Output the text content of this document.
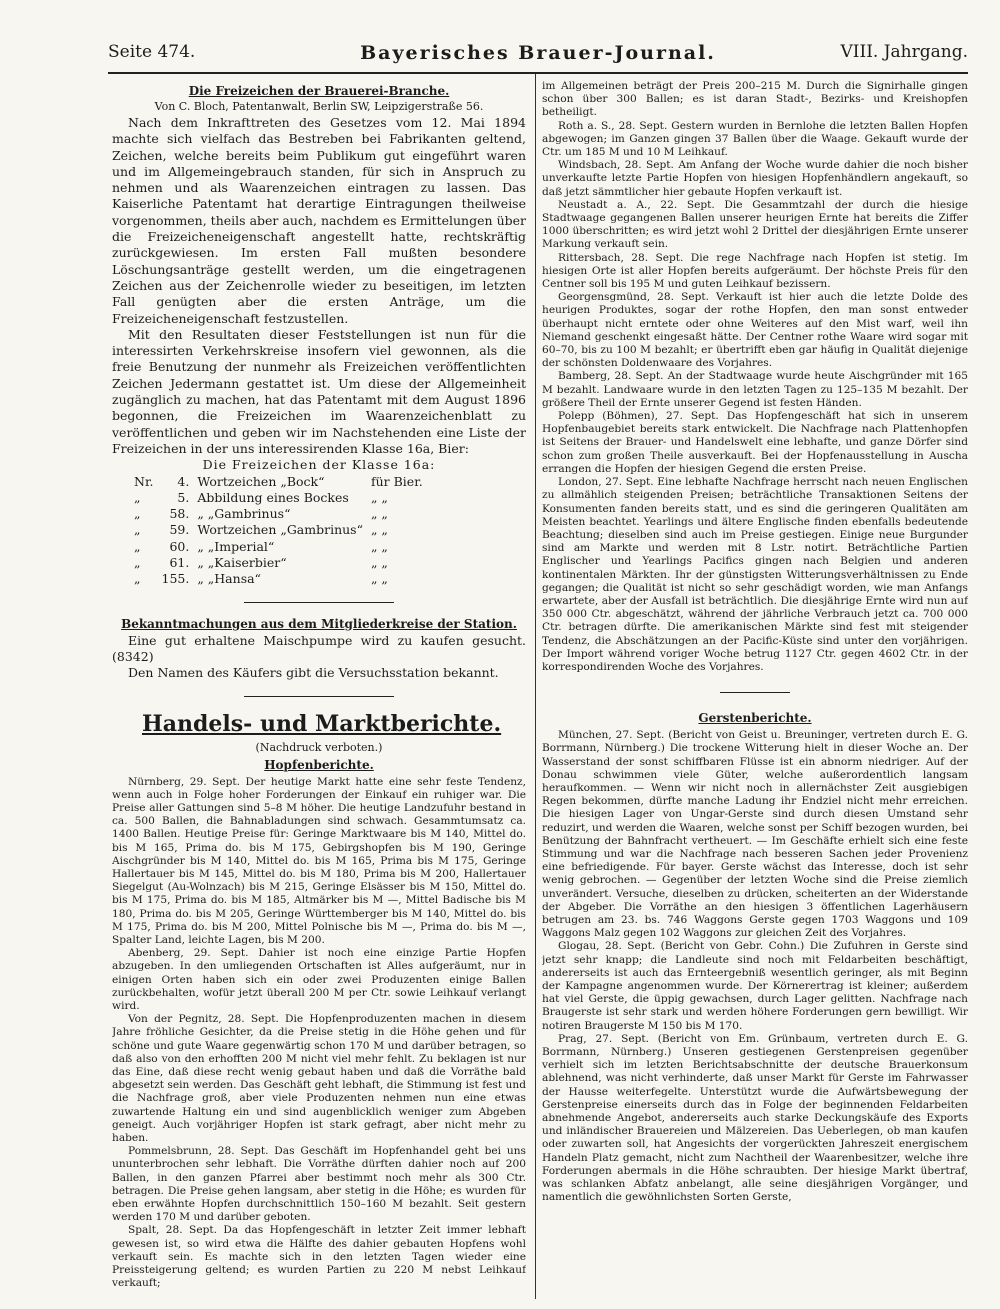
Seite 474.	Bayerisches Brauer-Journal.	VIII. Jahrgang.
Die Freizeichen der Brauerei-Branche.
Von C. Bloch, Patentanwalt, Berlin SW, Leipzigerstraße 56.

Nach dem Inkrafttreten des Gesetzes vom 12. Mai 1894 machte sich vielfach das Bestreben bei Fabrikanten geltend, Zeichen, welche bereits beim Publikum gut eingeführt waren und im Allgemeingebrauch standen, für sich in Anspruch zu nehmen und als Waarenzeichen eintragen zu lassen. Das Kaiserliche Patentamt hat derartige Eintragungen theilweise vorgenommen, theils aber auch, nachdem es Ermittelungen über die Freizeicheneigenschaft angestellt hatte, rechtskräftig zurückgewiesen. Im ersten Fall mußten besondere Löschungsanträge gestellt werden, um die eingetragenen Zeichen aus der Zeichenrolle wieder zu beseitigen, im letzten Fall genügten aber die ersten Anträge, um die Freizeicheneigenschaft festzustellen.

Mit den Resultaten dieser Feststellungen ist nun für die interessirten Verkehrskreise insofern viel gewonnen, als die freie Benutzung der nunmehr als Freizeichen veröffentlichten Zeichen Jedermann gestattet ist. Um diese der Allgemeinheit zugänglich zu machen, hat das Patentamt mit dem August 1896 begonnen, die Freizeichen im Waarenzeichenblatt zu veröffentlichen und geben wir im Nachstehenden eine Liste der Freizeichen in der uns interessirenden Klasse 16a, Bier:

Die Freizeichen der Klasse 16a:

Nr.	4.	Wortzeichen „Bock“	für Bier.
„	5.	Abbildung eines Bockes	„ „
„	58.	„ „Gambrinus“	„ „
„	59.	Wortzeichen „Gambrinus“	„ „
„	60.	„ „Imperial“	„ „
„	61.	„ „Kaiserbier“	„ „
„	155.	„ „Hansa“	„ „
Bekanntmachungen aus dem Mitgliederkreise der Station.

Eine gut erhaltene Maischpumpe wird zu kaufen gesucht. (8342)

Den Namen des Käufers gibt die Versuchsstation bekannt.

Handels- und Marktberichte.
(Nachdruck verboten.)
Hopfenberichte.

Nürnberg, 29. Sept. Der heutige Markt hatte eine sehr feste Tendenz, wenn auch in Folge hoher Forderungen der Einkauf ein ruhiger war. Die Preise aller Gattungen sind 5–8 M höher. Die heutige Landzufuhr bestand in ca. 500 Ballen, die Bahnabladungen sind schwach. Gesammtumsatz ca. 1400 Ballen. Heutige Preise für: Geringe Marktwaare bis M 140, Mittel do. bis M 165, Prima do. bis M 175, Gebirgshopfen bis M 190, Geringe Aischgründer bis M 140, Mittel do. bis M 165, Prima bis M 175, Geringe Hallertauer bis M 145, Mittel do. bis M 180, Prima bis M 200, Hallertauer Siegelgut (Au-Wolnzach) bis M 215, Geringe Elsässer bis M 150, Mittel do. bis M 175, Prima do. bis M 185, Altmärker bis M —, Mittel Badische bis M 180, Prima do. bis M 205, Geringe Württemberger bis M 140, Mittel do. bis M 175, Prima do. bis M 200, Mittel Polnische bis M —, Prima do. bis M —, Spalter Land, leichte Lagen, bis M 200.

Abenberg, 29. Sept. Dahier ist noch eine einzige Partie Hopfen abzugeben. In den umliegenden Ortschaften ist Alles aufgeräumt, nur in einigen Orten haben sich ein oder zwei Produzenten einige Ballen zurückbehalten, wofür jetzt überall 200 M per Ctr. sowie Leihkauf verlangt wird.

Von der Pegnitz, 28. Sept. Die Hopfenproduzenten machen in diesem Jahre fröhliche Gesichter, da die Preise stetig in die Höhe gehen und für schöne und gute Waare gegenwärtig schon 170 M und darüber betragen, so daß also von den erhofften 200 M nicht viel mehr fehlt. Zu beklagen ist nur das Eine, daß diese recht wenig gebaut haben und daß die Vorräthe bald abgesetzt sein werden. Das Geschäft geht lebhaft, die Stimmung ist fest und die Nachfrage groß, aber viele Produzenten nehmen nun eine etwas zuwartende Haltung ein und sind augenblicklich weniger zum Abgeben geneigt. Auch vorjähriger Hopfen ist stark gefragt, aber nicht mehr zu haben.

Pommelsbrunn, 28. Sept. Das Geschäft im Hopfenhandel geht bei uns ununterbrochen sehr lebhaft. Die Vorräthe dürften dahier noch auf 200 Ballen, in den ganzen Pfarrei aber bestimmt noch mehr als 300 Ctr. betragen. Die Preise gehen langsam, aber stetig in die Höhe; es wurden für eben erwähnte Hopfen durchschnittlich 150–160 M bezahlt. Seit gestern werden 170 M und darüber geboten.

Spalt, 28. Sept. Da das Hopfengeschäft in letzter Zeit immer lebhaft gewesen ist, so wird etwa die Hälfte des dahier gebauten Hopfens wohl verkauft sein. Es machte sich in den letzten Tagen wieder eine Preissteigerung geltend; es wurden Partien zu 220 M nebst Leihkauf verkauft;

im Allgemeinen beträgt der Preis 200–215 M. Durch die Signirhalle gingen schon über 300 Ballen; es ist daran Stadt-, Bezirks- und Kreishopfen betheiligt.

Roth a. S., 28. Sept. Gestern wurden in Bernlohe die letzten Ballen Hopfen abgewogen; im Ganzen gingen 37 Ballen über die Waage. Gekauft wurde der Ctr. um 185 M und 10 M Leihkauf.

Windsbach, 28. Sept. Am Anfang der Woche wurde dahier die noch bisher unverkaufte letzte Partie Hopfen von hiesigen Hopfenhändlern angekauft, so daß jetzt sämmtlicher hier gebaute Hopfen verkauft ist.

Neustadt a. A., 22. Sept. Die Gesammtzahl der durch die hiesige Stadtwaage gegangenen Ballen unserer heurigen Ernte hat bereits die Ziffer 1000 überschritten; es wird jetzt wohl 2 Drittel der diesjährigen Ernte unserer Markung verkauft sein.

Rittersbach, 28. Sept. Die rege Nachfrage nach Hopfen ist stetig. Im hiesigen Orte ist aller Hopfen bereits aufgeräumt. Der höchste Preis für den Centner soll bis 195 M und guten Leihkauf bezissern.

Georgensgmünd, 28. Sept. Verkauft ist hier auch die letzte Dolde des heurigen Produktes, sogar der rothe Hopfen, den man sonst entweder überhaupt nicht erntete oder ohne Weiteres auf den Mist warf, weil ihn Niemand geschenkt eingesaßt hätte. Der Centner rothe Waare wird sogar mit 60–70, bis zu 100 M bezahlt; er übertrifft eben gar häufig in Qualität diejenige der schönsten Doldenwaare des Vorjahres.

Bamberg, 28. Sept. An der Stadtwaage wurde heute Aischgründer mit 165 M bezahlt. Landwaare wurde in den letzten Tagen zu 125–135 M bezahlt. Der größere Theil der Ernte unserer Gegend ist festen Händen.

Polepp (Böhmen), 27. Sept. Das Hopfengeschäft hat sich in unserem Hopfenbaugebiet bereits stark entwickelt. Die Nachfrage nach Plattenhopfen ist Seitens der Brauer- und Handelswelt eine lebhafte, und ganze Dörfer sind schon zum großen Theile ausverkauft. Bei der Hopfenausstellung in Auscha errangen die Hopfen der hiesigen Gegend die ersten Preise.

London, 27. Sept. Eine lebhafte Nachfrage herrscht nach neuen Englischen zu allmählich steigenden Preisen; beträchtliche Transaktionen Seitens der Konsumenten fanden bereits statt, und es sind die geringeren Qualitäten am Meisten beachtet. Yearlings und ältere Englische finden ebenfalls bedeutende Beachtung; dieselben sind auch im Preise gestiegen. Einige neue Burgunder sind am Markte und werden mit 8 Lstr. notirt. Beträchtliche Partien Englischer und Yearlings Pacifics gingen nach Belgien und anderen kontinentalen Märkten. Ihr der günstigsten Witterungsverhältnissen zu Ende gegangen; die Qualität ist nicht so sehr geschädigt worden, wie man Anfangs erwartete, aber der Ausfall ist beträchtlich. Die diesjährige Ernte wird nun auf 350 000 Ctr. abgeschätzt, während der jährliche Verbrauch jetzt ca. 700 000 Ctr. betragen dürfte. Die amerikanischen Märkte sind fest mit steigender Tendenz, die Abschätzungen an der Pacific-Küste sind unter den vorjährigen. Der Import während voriger Woche betrug 1127 Ctr. gegen 4602 Ctr. in der korrespondirenden Woche des Vorjahres.

Gerstenberichte.

München, 27. Sept. (Bericht von Geist u. Breuninger, vertreten durch E. G. Borrmann, Nürnberg.) Die trockene Witterung hielt in dieser Woche an. Der Wasserstand der sonst schiffbaren Flüsse ist ein abnorm niedriger. Auf der Donau schwimmen viele Güter, welche außerordentlich langsam heraufkommen. — Wenn wir nicht noch in allernächster Zeit ausgiebigen Regen bekommen, dürfte manche Ladung ihr Endziel nicht mehr erreichen. Die hiesigen Lager von Ungar-Gerste sind durch diesen Umstand sehr reduzirt, und werden die Waaren, welche sonst per Schiff bezogen wurden, bei Benützung der Bahnfracht vertheuert. — Im Geschäfte erhielt sich eine feste Stimmung und war die Nachfrage nach besseren Sachen jeder Provenienz eine befriedigende. Für bayer. Gerste wächst das Interesse, doch ist sehr wenig gebrochen. — Gegenüber der letzten Woche sind die Preise ziemlich unverändert. Versuche, dieselben zu drücken, scheiterten an der Widerstande der Abgeber. Die Vorräthe an den hiesigen 3 öffentlichen Lagerhäusern betrugen am 23. bs. 746 Waggons Gerste gegen 1703 Waggons und 109 Waggons Malz gegen 102 Waggons zur gleichen Zeit des Vorjahres.

Glogau, 28. Sept. (Bericht von Gebr. Cohn.) Die Zufuhren in Gerste sind jetzt sehr knapp; die Landleute sind noch mit Feldarbeiten beschäftigt, andererseits ist auch das Ernteergebniß wesentlich geringer, als mit Beginn der Kampagne angenommen wurde. Der Körnerertrag ist kleiner; außerdem hat viel Gerste, die üppig gewachsen, durch Lager gelitten. Nachfrage nach Braugerste ist sehr stark und werden höhere Forderungen gern bewilligt. Wir notiren Braugerste M 150 bis M 170.

Prag, 27. Sept. (Bericht von Em. Grünbaum, vertreten durch E. G. Borrmann, Nürnberg.) Unseren gestiegenen Gerstenpreisen gegenüber verhielt sich im letzten Berichtsabschnitte der deutsche Brauerkonsum ablehnend, was nicht verhinderte, daß unser Markt für Gerste im Fahrwasser der Hausse weiterfegelte. Unterstützt wurde die Aufwärtsbewegung der Gerstenpreise einerseits durch das in Folge der beginnenden Feldarbeiten abnehmende Angebot, andererseits auch starke Deckungskäufe des Exports und inländischer Brauereien und Mälzereien. Das Ueberlegen, ob man kaufen oder zuwarten soll, hat Angesichts der vorgerückten Jahreszeit energischem Handeln Platz gemacht, nicht zum Nachtheil der Waarenbesitzer, welche ihre Forderungen abermals in die Höhe schraubten. Der hiesige Markt übertraf, was schlanken Abfatz anbelangt, alle seine diesjährigen Vorgänger, und namentlich die gewöhnlichsten Sorten Gerste,
